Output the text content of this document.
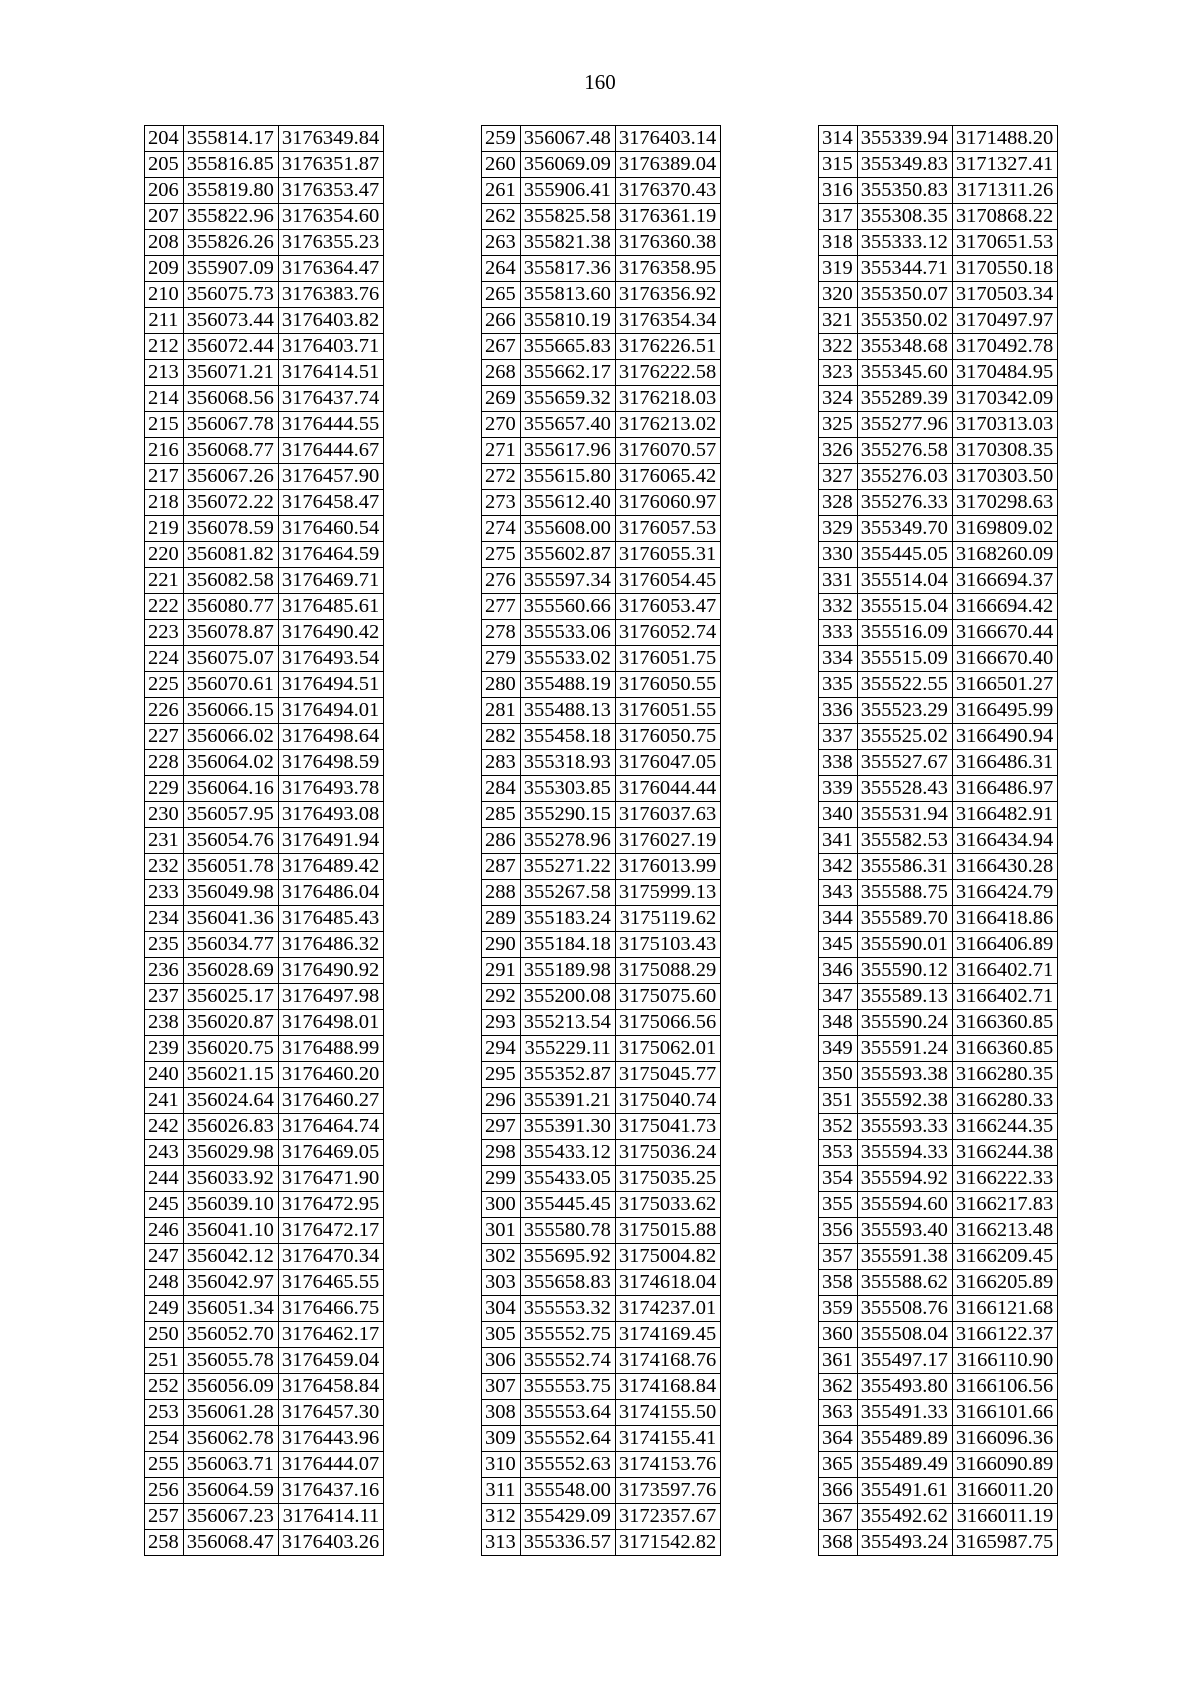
160
204	355814.17	3176349.84
205	355816.85	3176351.87
206	355819.80	3176353.47
207	355822.96	3176354.60
208	355826.26	3176355.23
209	355907.09	3176364.47
210	356075.73	3176383.76
211	356073.44	3176403.82
212	356072.44	3176403.71
213	356071.21	3176414.51
214	356068.56	3176437.74
215	356067.78	3176444.55
216	356068.77	3176444.67
217	356067.26	3176457.90
218	356072.22	3176458.47
219	356078.59	3176460.54
220	356081.82	3176464.59
221	356082.58	3176469.71
222	356080.77	3176485.61
223	356078.87	3176490.42
224	356075.07	3176493.54
225	356070.61	3176494.51
226	356066.15	3176494.01
227	356066.02	3176498.64
228	356064.02	3176498.59
229	356064.16	3176493.78
230	356057.95	3176493.08
231	356054.76	3176491.94
232	356051.78	3176489.42
233	356049.98	3176486.04
234	356041.36	3176485.43
235	356034.77	3176486.32
236	356028.69	3176490.92
237	356025.17	3176497.98
238	356020.87	3176498.01
239	356020.75	3176488.99
240	356021.15	3176460.20
241	356024.64	3176460.27
242	356026.83	3176464.74
243	356029.98	3176469.05
244	356033.92	3176471.90
245	356039.10	3176472.95
246	356041.10	3176472.17
247	356042.12	3176470.34
248	356042.97	3176465.55
249	356051.34	3176466.75
250	356052.70	3176462.17
251	356055.78	3176459.04
252	356056.09	3176458.84
253	356061.28	3176457.30
254	356062.78	3176443.96
255	356063.71	3176444.07
256	356064.59	3176437.16
257	356067.23	3176414.11
258	356068.47	3176403.26
259	356067.48	3176403.14
260	356069.09	3176389.04
261	355906.41	3176370.43
262	355825.58	3176361.19
263	355821.38	3176360.38
264	355817.36	3176358.95
265	355813.60	3176356.92
266	355810.19	3176354.34
267	355665.83	3176226.51
268	355662.17	3176222.58
269	355659.32	3176218.03
270	355657.40	3176213.02
271	355617.96	3176070.57
272	355615.80	3176065.42
273	355612.40	3176060.97
274	355608.00	3176057.53
275	355602.87	3176055.31
276	355597.34	3176054.45
277	355560.66	3176053.47
278	355533.06	3176052.74
279	355533.02	3176051.75
280	355488.19	3176050.55
281	355488.13	3176051.55
282	355458.18	3176050.75
283	355318.93	3176047.05
284	355303.85	3176044.44
285	355290.15	3176037.63
286	355278.96	3176027.19
287	355271.22	3176013.99
288	355267.58	3175999.13
289	355183.24	3175119.62
290	355184.18	3175103.43
291	355189.98	3175088.29
292	355200.08	3175075.60
293	355213.54	3175066.56
294	355229.11	3175062.01
295	355352.87	3175045.77
296	355391.21	3175040.74
297	355391.30	3175041.73
298	355433.12	3175036.24
299	355433.05	3175035.25
300	355445.45	3175033.62
301	355580.78	3175015.88
302	355695.92	3175004.82
303	355658.83	3174618.04
304	355553.32	3174237.01
305	355552.75	3174169.45
306	355552.74	3174168.76
307	355553.75	3174168.84
308	355553.64	3174155.50
309	355552.64	3174155.41
310	355552.63	3174153.76
311	355548.00	3173597.76
312	355429.09	3172357.67
313	355336.57	3171542.82
314	355339.94	3171488.20
315	355349.83	3171327.41
316	355350.83	3171311.26
317	355308.35	3170868.22
318	355333.12	3170651.53
319	355344.71	3170550.18
320	355350.07	3170503.34
321	355350.02	3170497.97
322	355348.68	3170492.78
323	355345.60	3170484.95
324	355289.39	3170342.09
325	355277.96	3170313.03
326	355276.58	3170308.35
327	355276.03	3170303.50
328	355276.33	3170298.63
329	355349.70	3169809.02
330	355445.05	3168260.09
331	355514.04	3166694.37
332	355515.04	3166694.42
333	355516.09	3166670.44
334	355515.09	3166670.40
335	355522.55	3166501.27
336	355523.29	3166495.99
337	355525.02	3166490.94
338	355527.67	3166486.31
339	355528.43	3166486.97
340	355531.94	3166482.91
341	355582.53	3166434.94
342	355586.31	3166430.28
343	355588.75	3166424.79
344	355589.70	3166418.86
345	355590.01	3166406.89
346	355590.12	3166402.71
347	355589.13	3166402.71
348	355590.24	3166360.85
349	355591.24	3166360.85
350	355593.38	3166280.35
351	355592.38	3166280.33
352	355593.33	3166244.35
353	355594.33	3166244.38
354	355594.92	3166222.33
355	355594.60	3166217.83
356	355593.40	3166213.48
357	355591.38	3166209.45
358	355588.62	3166205.89
359	355508.76	3166121.68
360	355508.04	3166122.37
361	355497.17	3166110.90
362	355493.80	3166106.56
363	355491.33	3166101.66
364	355489.89	3166096.36
365	355489.49	3166090.89
366	355491.61	3166011.20
367	355492.62	3166011.19
368	355493.24	3165987.75
